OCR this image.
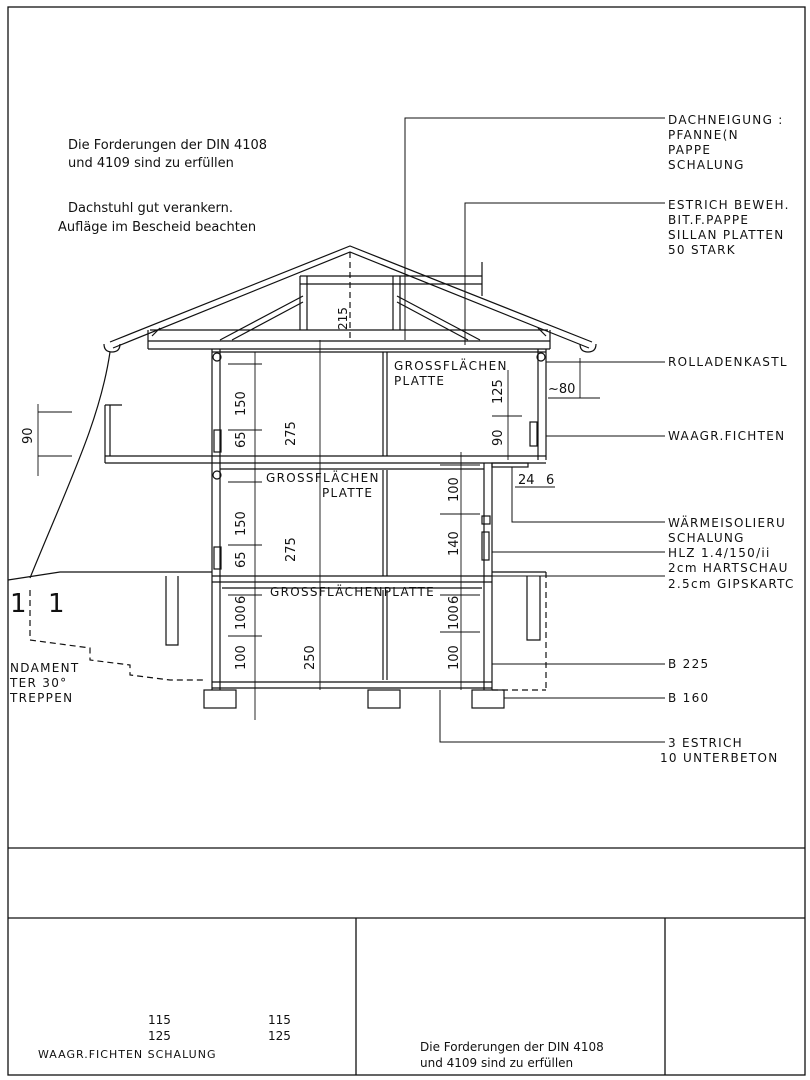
Die Forderungen der DIN 4108
und 4109 sind zu erfüllen
Dachstuhl gut verankern.
Aufläge im Bescheid beachten
215
GROSSFLÄCHEN
PLATTE
GROSSFLÄCHEN
PLATTE
GROSSFLÄCHENPLATTE
150
65	275
125
90
~80
100	24 6
150
65	275	140
6
100
100	250
6
100
100
90
1 1
NDAMENT
TER 30°
TREPPEN
DACHNEIGUNG :
PFANNE(N
PAPPE
SCHALUNG
ESTRICH BEWEH.
BIT.F.PAPPE
SILLAN PLATTEN
50 STARK
ROLLADENKASTL
WAAGR.FICHTEN
WÄRMEISOLIERU
SCHALUNG
HLZ 1.4/150/ii
2cm HARTSCHAU
2.5cm GIPSKARTC
B 225
B 160
3 ESTRICH
10 UNTERBETON
115
125
115
125
WAAGR.FICHTEN SCHALUNG
Die Forderungen der DIN 4108
und 4109 sind zu erfüllen
